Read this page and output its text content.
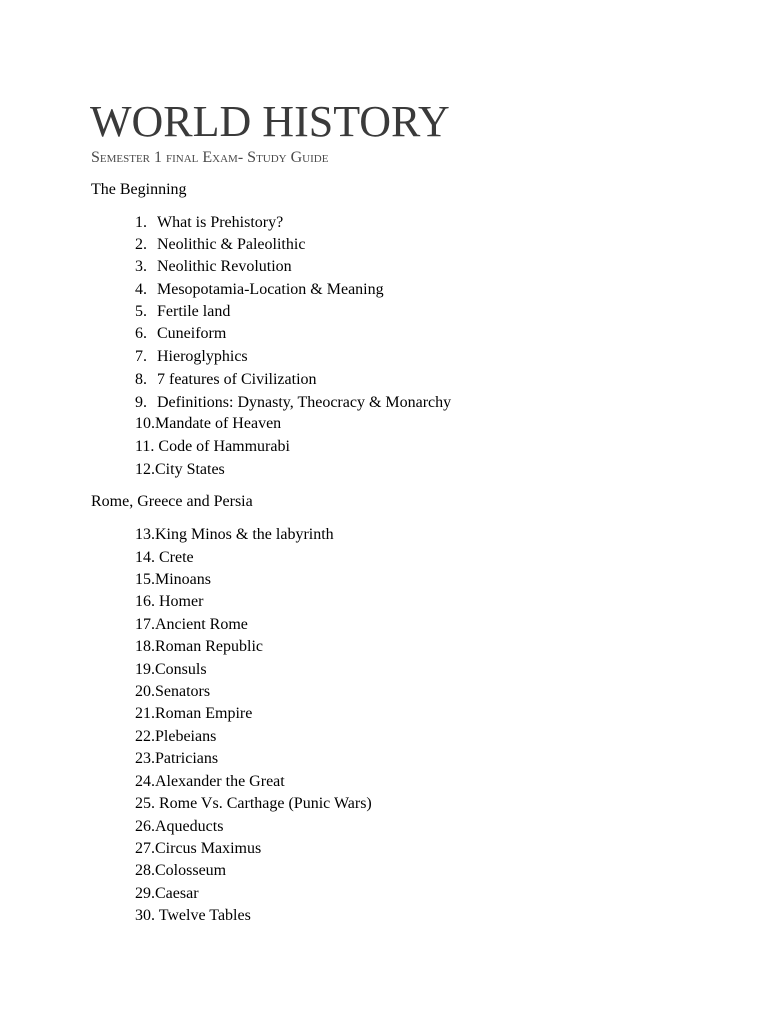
WORLD HISTORY
Semester 1 final Exam- Study Guide
The Beginning
1. What is Prehistory?
2. Neolithic & Paleolithic
3. Neolithic Revolution
4. Mesopotamia-Location & Meaning
5. Fertile land
6. Cuneiform
7. Hieroglyphics
8. 7 features of Civilization
9. Definitions: Dynasty, Theocracy & Monarchy
10.Mandate of Heaven
11. Code of Hammurabi
12.City States
Rome, Greece and Persia
13.King Minos & the labyrinth
14. Crete
15.Minoans
16. Homer
17.Ancient Rome
18.Roman Republic
19.Consuls
20.Senators
21.Roman Empire
22.Plebeians
23.Patricians
24.Alexander the Great
25. Rome Vs. Carthage (Punic Wars)
26.Aqueducts
27.Circus Maximus
28.Colosseum
29.Caesar
30. Twelve Tables
